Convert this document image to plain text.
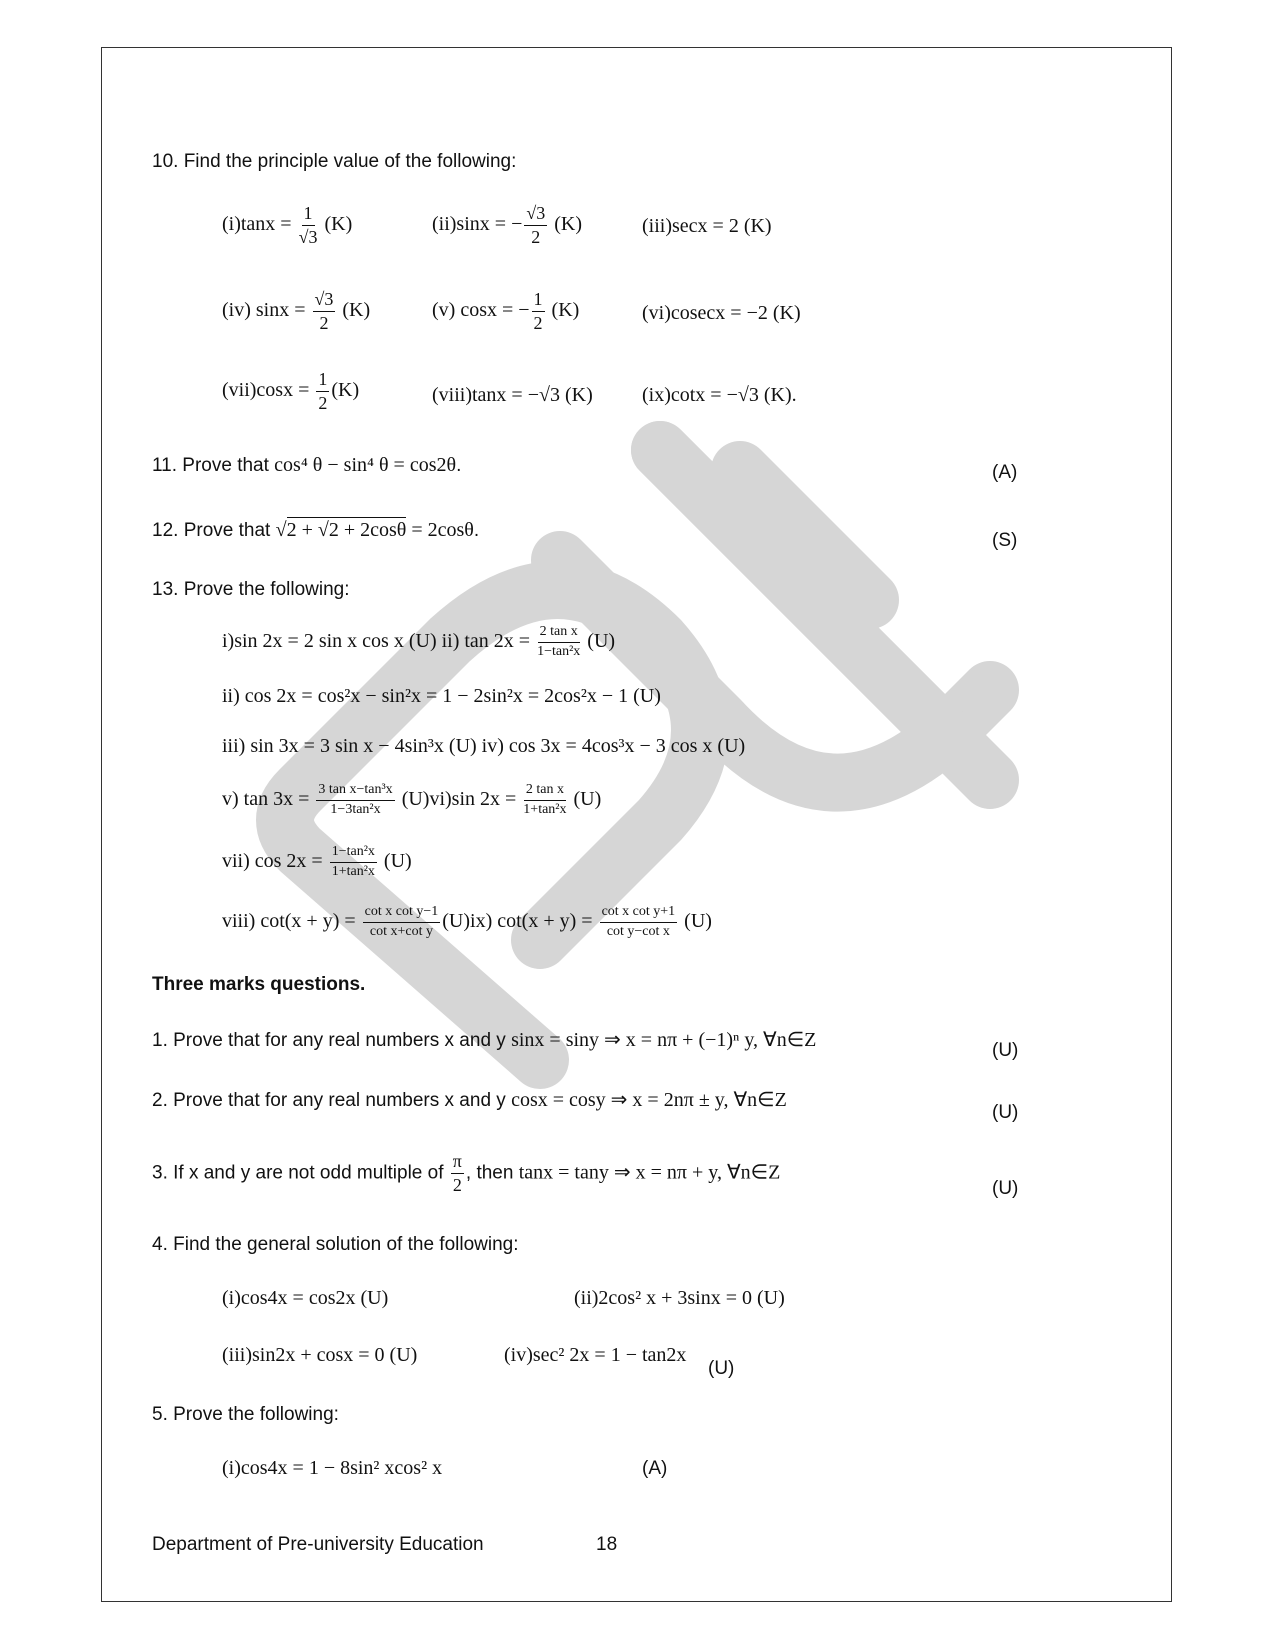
10. Find the principle value of the following:
$(i)\tan x = \frac{1}{√3} (K)$	(ii)sinx = − $\frac{√3}{2} (K)$	(iii)secx = 2 (K)
(iv) $\sin x = \frac{√3}{2} (K)$	(v) cosx = − $\frac{1}{2} (K)$	(vi)cosecx = −2 (K)
$(vii)\cos x = \frac{1}{2} (K)$	(viii)tanx = −√3 (K) (ix)cotx = −√3 (K).
11. Prove that cos⁴ θ − sin⁴ θ = cos2θ.	(A)
12. Prove that √2 + √2 + 2cosθ = 2cosθ.	(S)
13. Prove the following:
i)sin 2x = 2 sin x cos x (U) ii) $\tan 2x = \frac{\text{2 tan x}}{\text{1−tan²x}} (U)$
ii) cos 2x = cos²x − sin²x = 1 − 2sin²x = 2cos²x − 1 (U)
iii) sin 3x = 3 sin x − 4sin³x (U) iv) cos 3x = 4cos³x − 3 cos x (U)
v) $\tan 3x = \frac{\text{3 tan x−tan³x}}{\text{1−3tan²x}} (U)vi)\sin$ $2x = \frac{\text{2 tan x}}{\text{1+tan²x}} (U)$
vii) $\cos 2x = \frac{\text{1−tan²x}}{\text{1+tan²x}} (U)$
viii) $\cot(x + y) = \frac{\text{cot x cot y−1}}{\text{cot x+cot y}} (U)ix$) $\cot(x + y) = \frac{\text{cot x cot y+1}}{\text{cot y−cot x}} (U)$
Three marks questions.
1. Prove that for any real numbers x and y sinx = siny ⇒ x = nπ + (−1)ⁿ y, ∀n∈Z	(U)
2. Prove that for any real numbers x and y cosx = cosy ⇒ x = 2nπ ± y, ∀n∈Z
(U)
3. If x and y are not odd multiple of $\frac{\pi}{2}$ , then tanx = tany ⇒ x = nπ + y, ∀n∈Z
(U)
4. Find the general solution of the following:
(i)cos4x = cos2x (U)	(ii)2cos² x + 3sinx = 0 (U)
(iii)sin2x + cosx = 0 (U)	(iv)sec² 2x = 1 − tan2x
(U)
5. Prove the following:
(i)cos4x = 1 − 8sin² xcos² x	(A)
Department of Pre-university Education	18
